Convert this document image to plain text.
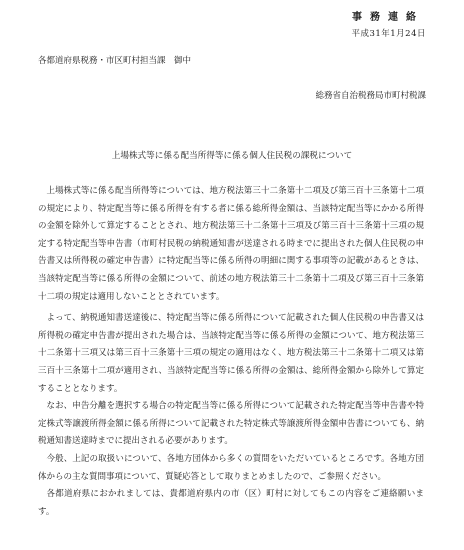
事務連絡
平成31年1月24日
各都道府県税務・市区町村担当課　御中
総務省自治税務局市町村税課
上場株式等に係る配当所得等に係る個人住民税の課税について

上場株式等に係る配当所得等については、地方税法第三十二条第十二項及び第三百十三条第十二項の規定により、特定配当等に係る所得を有する者に係る総所得金額は、当該特定配当等にかかる所得の金額を除外して算定することとされ、地方税法第三十二条第十三項及び第三百十三条第十三項の規定する特定配当等申告書（市町村民税の納税通知書が送達される時までに提出された個人住民税の申告書又は所得税の確定申告書）に特定配当等に係る所得の明細に関する事項等の記載があるときは、当該特定配当等に係る所得の金額について、前述の地方税法第三十二条第十二項及び第三百十三条第十二項の規定は適用しないこととされています。

よって、納税通知書送達後に、特定配当等に係る所得について記載された個人住民税の申告書又は所得税の確定申告書が提出された場合は、当該特定配当等に係る所得の金額について、地方税法第三十二条第十三項又は第三百十三条第十三項の規定の適用はなく、地方税法第三十二条第十二項又は第三百十三条第十二項が適用され、当該特定配当等に係る所得の金額は、総所得金額から除外して算定することとなります。

なお、申告分離を選択する場合の特定配当等に係る所得について記載された特定配当等申告書や特定株式等譲渡所得金額に係る所得について記載された特定株式等譲渡所得金額申告書についても、納税通知書送達時までに提出される必要があります。

今般、上記の取扱いについて、各地方団体から多くの質問をいただいているところです。各地方団体からの主な質問事項について、質疑応答として取りまとめましたので、ご参照ください。

各都道府県におかれましては、貴都道府県内の市（区）町村に対してもこの内容をご連絡願います。
